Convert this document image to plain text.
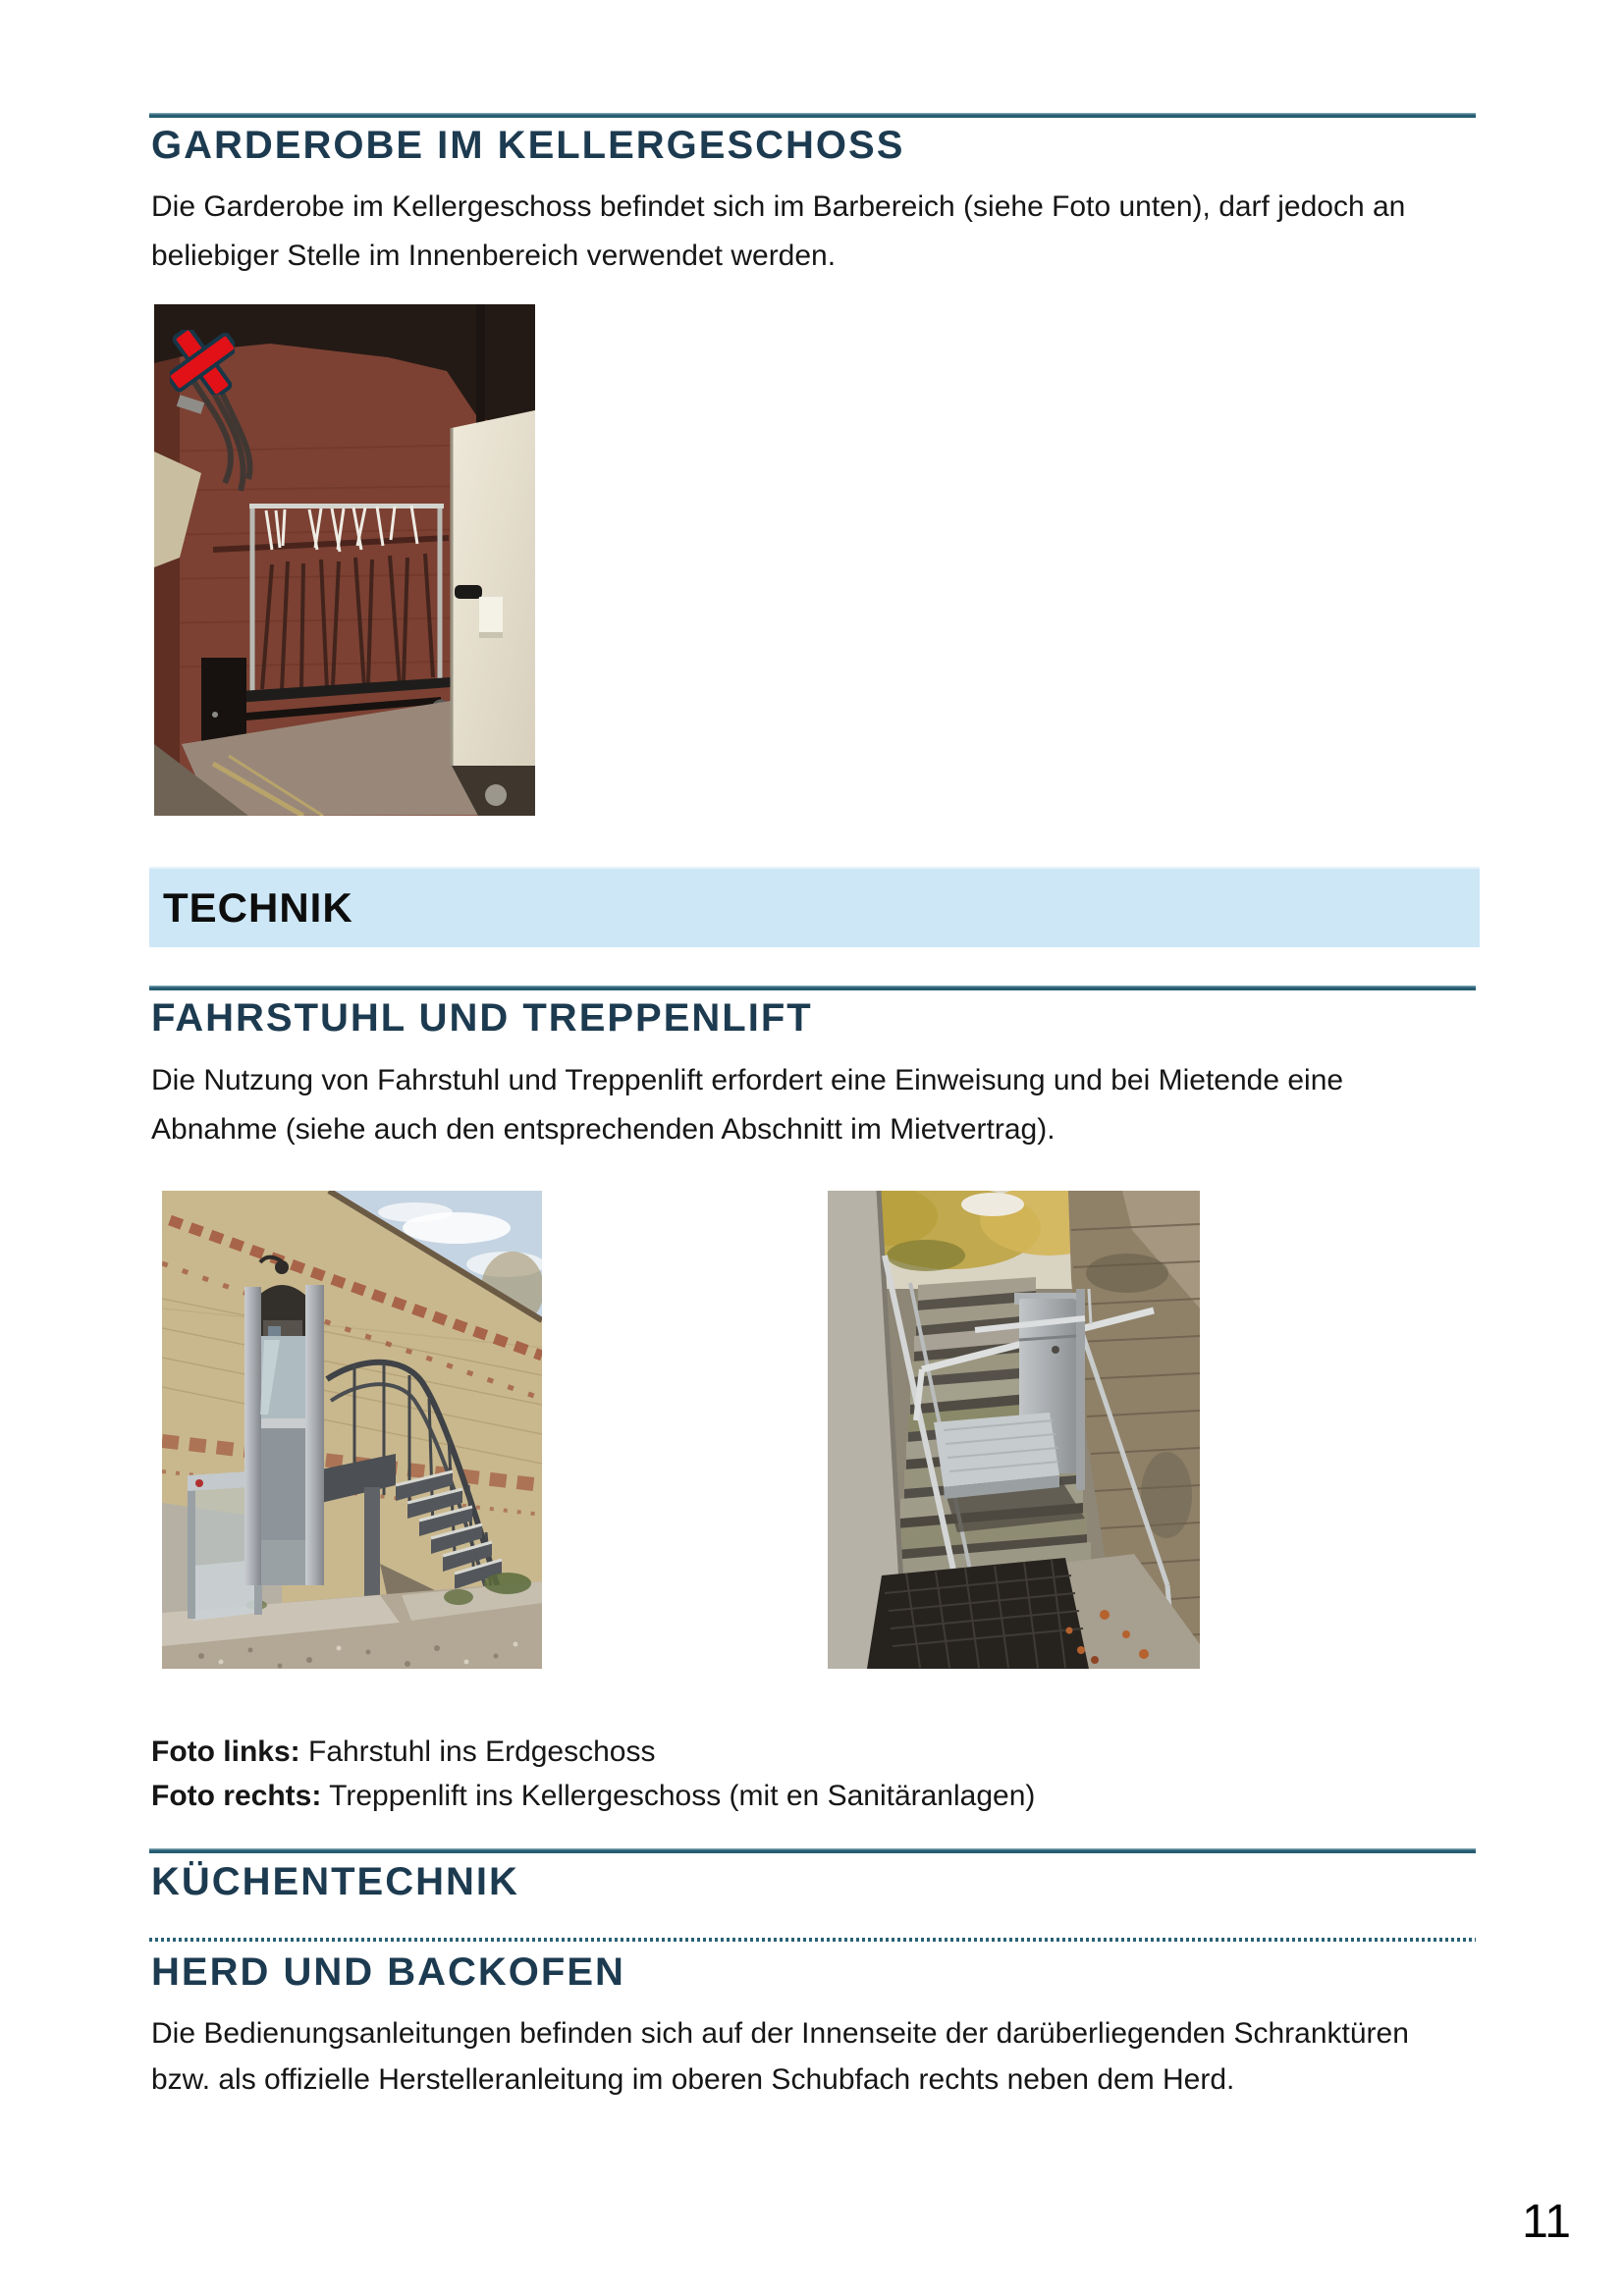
GARDEROBE IM KELLERGESCHOSS
Die Garderobe im Kellergeschoss befindet sich im Barbereich (siehe Foto unten), darf jedoch an beliebiger Stelle im Innenbereich verwendet werden.
TECHNIK
FAHRSTUHL UND TREPPENLIFT
Die Nutzung von Fahrstuhl und Treppenlift erfordert eine Einweisung und bei Mietende eine Abnahme (siehe auch den entsprechenden Abschnitt im Mietvertrag).
Foto links: Fahrstuhl ins Erdgeschoss
Foto rechts: Treppenlift ins Kellergeschoss (mit en Sanitäranlagen)
KÜCHENTECHNIK
HERD UND BACKOFEN
Die Bedienungsanleitungen befinden sich auf der Innenseite der darüberliegenden Schranktüren bzw. als offizielle Herstelleranleitung im oberen Schubfach rechts neben dem Herd.
11
